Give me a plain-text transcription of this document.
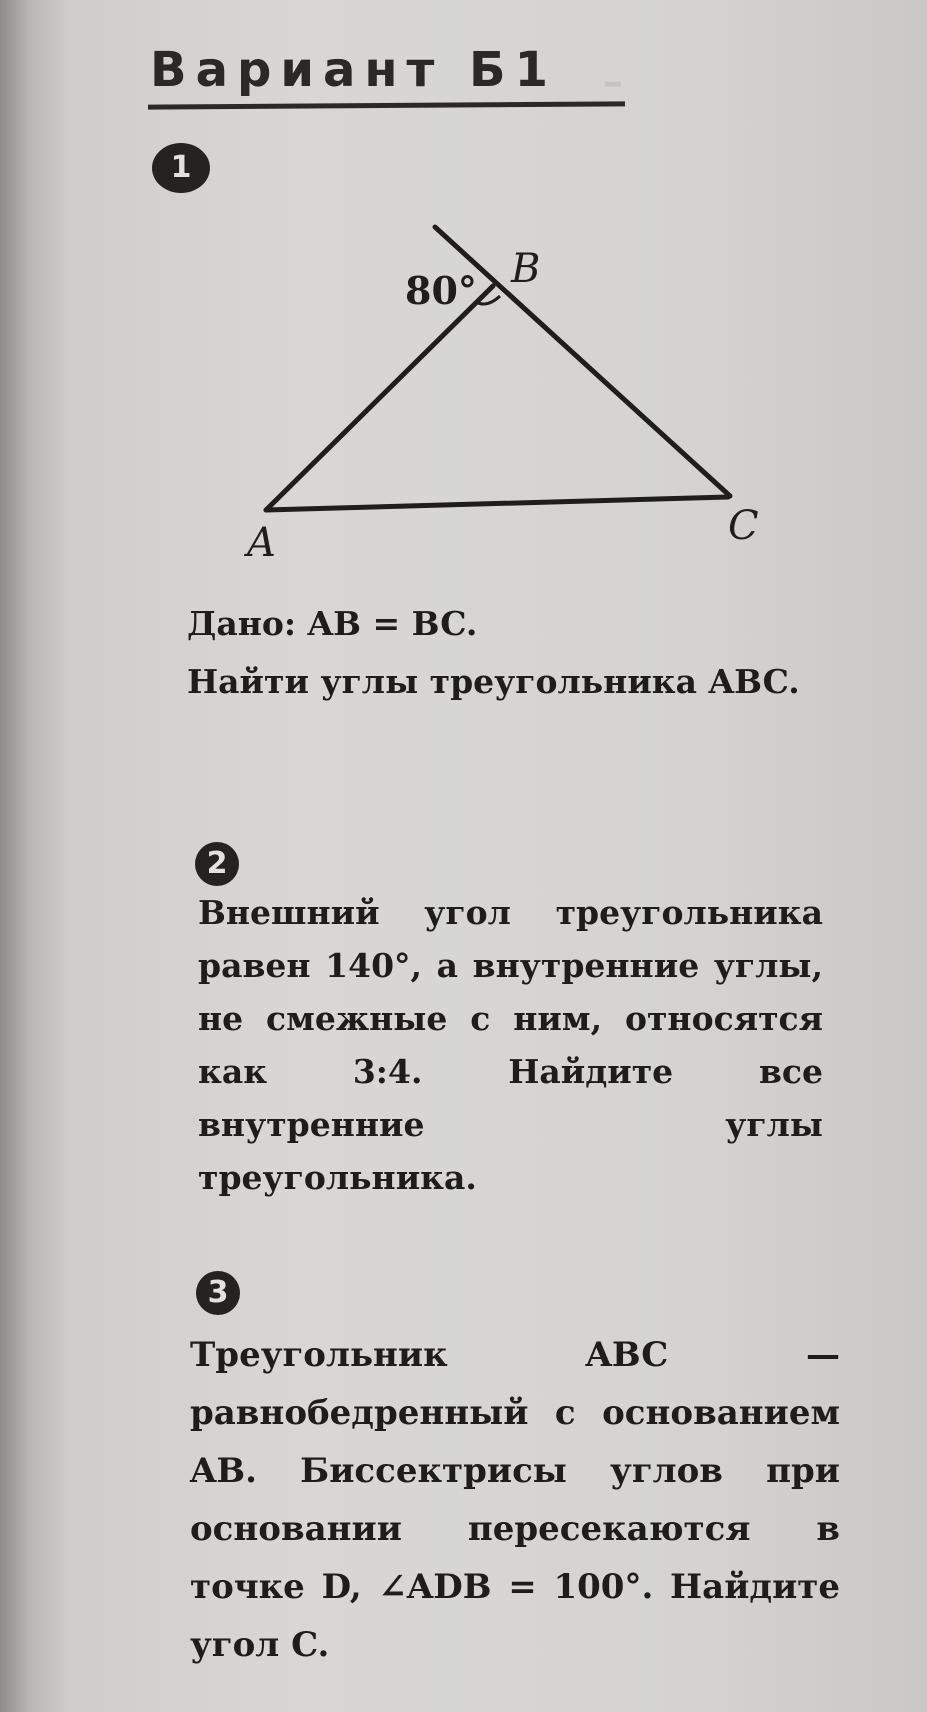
ˍ
Вариант Б1
1
80°
A
B
C
Дано: AB = BC.
Найти углы треугольника ABC.
2
Внешний угол треугольника равен 140°, а внутренние углы, не смежные с ним, относятся как 3:4. Найдите все внутренние углы треугольника.
3
Треугольник ABC — равнобедренный с основанием AB. Биссектрисы углов при основании пересекаются в точке D, ∠ADB = 100°. Найдите угол C.
